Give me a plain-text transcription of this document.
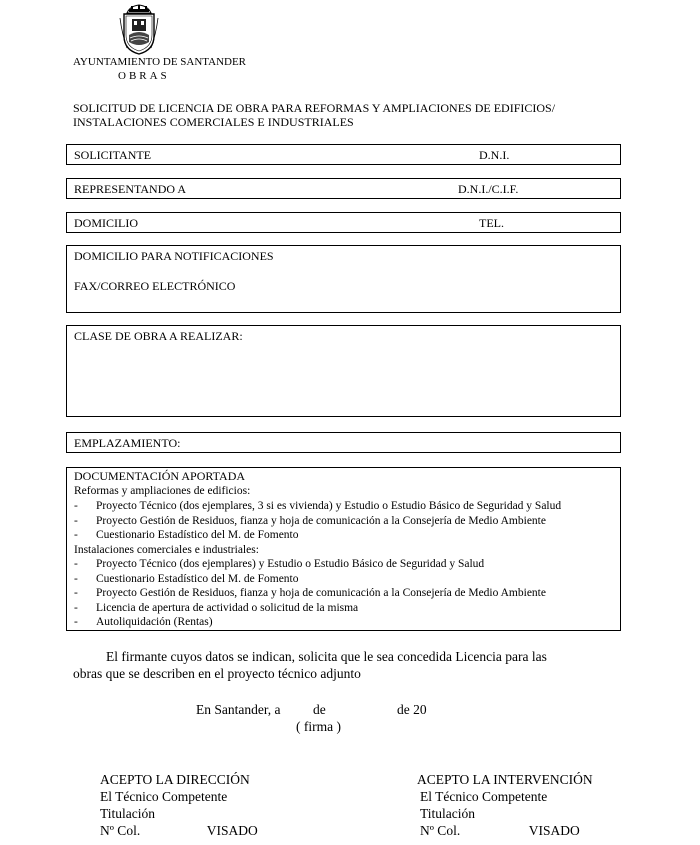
AYUNTAMIENTO DE SANTANDER
OBRAS
SOLICITUD DE LICENCIA DE OBRA PARA REFORMAS Y AMPLIACIONES DE EDIFICIOS/
INSTALACIONES COMERCIALES E INDUSTRIALES
SOLICITANTE	D.N.I.
REPRESENTANDO A	D.N.I./C.I.F.
DOMICILIO	TEL.
DOMICILIO PARA NOTIFICACIONES
FAX/CORREO ELECTRÓNICO
CLASE DE OBRA A REALIZAR:
EMPLAZAMIENTO:
DOCUMENTACIÓN APORTADA
Reformas y ampliaciones de edificios:
- Proyecto Técnico (dos ejemplares, 3 si es vivienda) y Estudio o Estudio Básico de Seguridad y Salud
- Proyecto Gestión de Residuos, fianza y hoja de comunicación a la Consejería de Medio Ambiente
- Cuestionario Estadístico del M. de Fomento
Instalaciones comerciales e industriales:
- Proyecto Técnico (dos ejemplares) y Estudio o Estudio Básico de Seguridad y Salud
- Cuestionario Estadístico del M. de Fomento
- Proyecto Gestión de Residuos, fianza y hoja de comunicación a la Consejería de Medio Ambiente
- Licencia de apertura de actividad o solicitud de la misma
- Autoliquidación (Rentas)
El firmante cuyos datos se indican, solicita que le sea concedida Licencia para las
obras que se describen en el proyecto técnico adjunto
En Santander, a de	de 20
( firma )
ACEPTO LA DIRECCIÓN
El Técnico Competente
Titulación
Nº Col.	VISADO
ACEPTO LA INTERVENCIÓN
El Técnico Competente
Titulación
Nº Col.	VISADO
